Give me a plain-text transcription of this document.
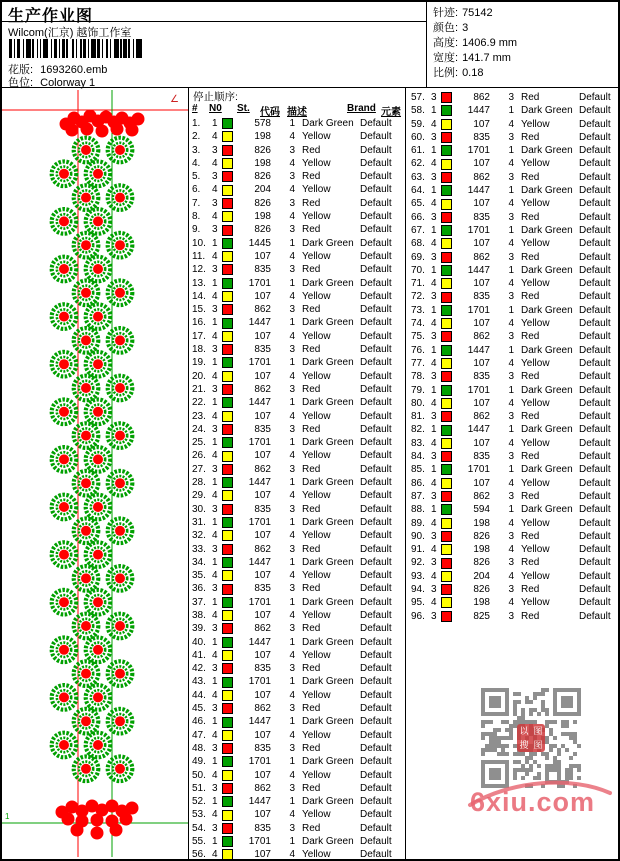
生产作业图
Wilcom(汇京) 越饰工作室
花版: 1693260.emb
色位: Colorway 1
针迹: 75142
颜色: 3
高度: 1406.9 mm
宽度: 141.7 mm
比例: 0.18
∠
1
停止顺序:
# N0 St. 代码 描述	Brand 元素
1.	1	578	1 Dark Green Default
2.	4	198	4 Yellow	Default
3.	3	826	3 Red	Default
4.	4	198	4 Yellow	Default
5.	3	826	3 Red	Default
6.	4	204	4 Yellow	Default
7.	3	826	3 Red	Default
8.	4	198	4 Yellow	Default
9.	3	826	3 Red	Default
10. 1	1445	1 Dark Green Default
11. 4	107	4 Yellow	Default
12. 3	835	3 Red	Default
13. 1	1701	1 Dark Green Default
14. 4	107	4 Yellow	Default
15. 3	862	3 Red	Default
16. 1	1447	1 Dark Green Default
17. 4	107	4 Yellow	Default
18. 3	835	3 Red	Default
19. 1	1701	1 Dark Green Default
20. 4	107	4 Yellow	Default
21. 3	862	3 Red	Default
22. 1	1447	1 Dark Green Default
23. 4	107	4 Yellow	Default
24. 3	835	3 Red	Default
25. 1	1701	1 Dark Green Default
26. 4	107	4 Yellow	Default
27. 3	862	3 Red	Default
28. 1	1447	1 Dark Green Default
29. 4	107	4 Yellow	Default
30. 3	835	3 Red	Default
31. 1	1701	1 Dark Green Default
32. 4	107	4 Yellow	Default
33. 3	862	3 Red	Default
34. 1	1447	1 Dark Green Default
35. 4	107	4 Yellow	Default
36. 3	835	3 Red	Default
37. 1	1701	1 Dark Green Default
38. 4	107	4 Yellow	Default
39. 3	862	3 Red	Default
40. 1	1447	1 Dark Green Default
41. 4	107	4 Yellow	Default
42. 3	835	3 Red	Default
43. 1	1701	1 Dark Green Default
44. 4	107	4 Yellow	Default
45. 3	862	3 Red	Default
46. 1	1447	1 Dark Green Default
47. 4	107	4 Yellow	Default
48. 3	835	3 Red	Default
49. 1	1701	1 Dark Green Default
50. 4	107	4 Yellow	Default
51. 3	862	3 Red	Default
52. 1	1447	1 Dark Green Default
53. 4	107	4 Yellow	Default
54. 3	835	3 Red	Default
55. 1	1701	1 Dark Green Default
56. 4	107	4 Yellow	Default
57. 3	862	3 Red	Default
58. 1	1447	1 Dark Green Default
59. 4	107	4 Yellow	Default
60. 3	835	3 Red	Default
61. 1	1701	1 Dark Green Default
62. 4	107	4 Yellow	Default
63. 3	862	3 Red	Default
64. 1	1447	1 Dark Green Default
65. 4	107	4 Yellow	Default
66. 3	835	3 Red	Default
67. 1	1701	1 Dark Green Default
68. 4	107	4 Yellow	Default
69. 3	862	3 Red	Default
70. 1	1447	1 Dark Green Default
71. 4	107	4 Yellow	Default
72. 3	835	3 Red	Default
73. 1	1701	1 Dark Green Default
74. 4	107	4 Yellow	Default
75. 3	862	3 Red	Default
76. 1	1447	1 Dark Green Default
77. 4	107	4 Yellow	Default
78. 3	835	3 Red	Default
79. 1	1701	1 Dark Green Default
80. 4	107	4 Yellow	Default
81. 3	862	3 Red	Default
82. 1	1447	1 Dark Green Default
83. 4	107	4 Yellow	Default
84. 3	835	3 Red	Default
85. 1	1701	1 Dark Green Default
86. 4	107	4 Yellow	Default
87. 3	862	3 Red	Default
88. 1	594	1 Dark Green Default
89. 4	198	4 Yellow	Default
90. 3	826	3 Red	Default
91. 4	198	4 Yellow	Default
92. 3	826	3 Red	Default
93. 4	204	4 Yellow	Default
94. 3	826	3 Red	Default
95. 4	198	4 Yellow	Default
96. 3	825	3 Red	Default
以 图
搜 图
6xiu.com
